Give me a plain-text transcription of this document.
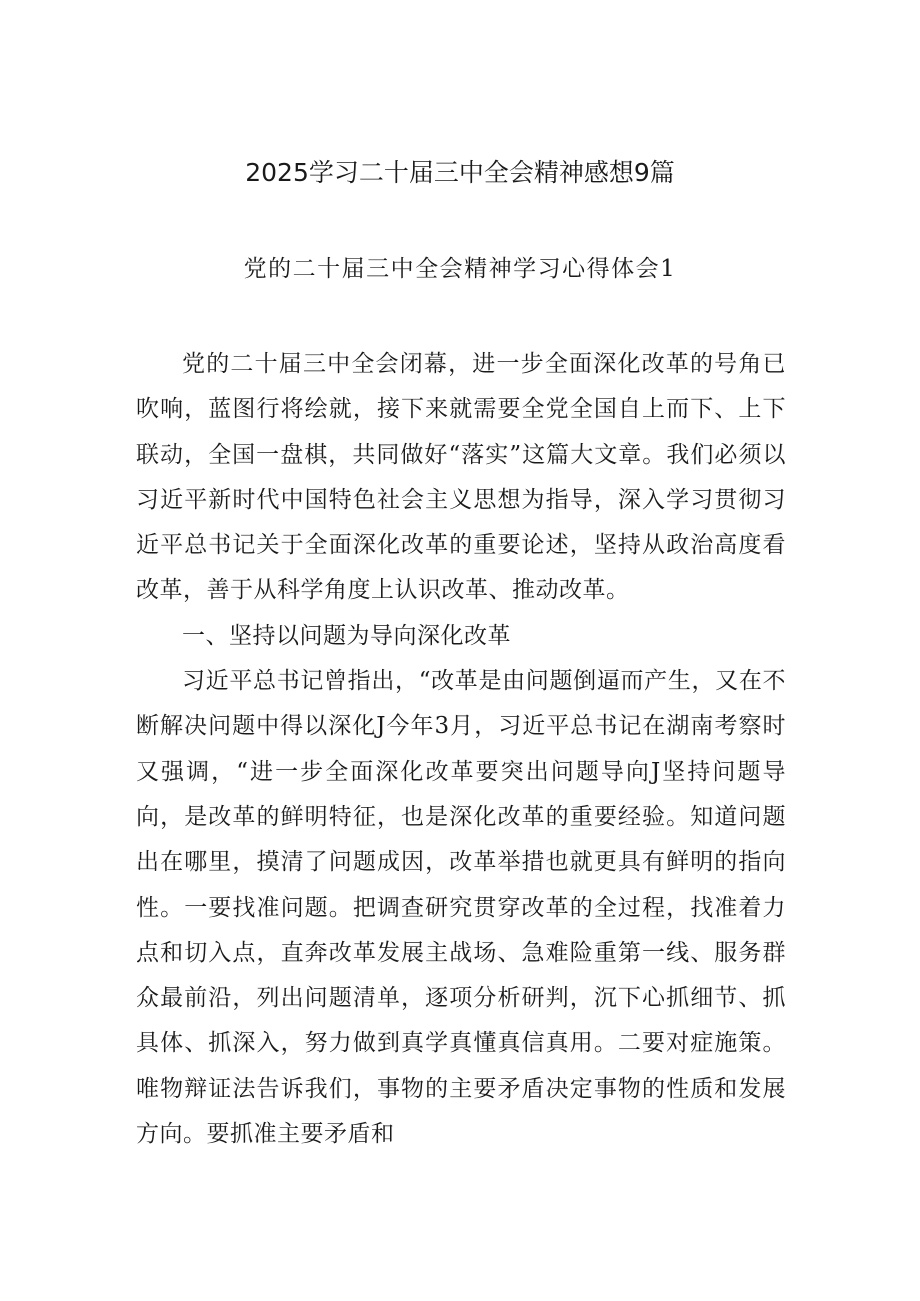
2025学习二十届三中全会精神感想9篇
党的二十届三中全会精神学习心得体会1

党的二十届三中全会闭幕，进一步全面深化改革的号角已吹响，蓝图行将绘就，接下来就需要全党全国自上而下、上下联动，全国一盘棋，共同做好“落实”这篇大文章。我们必须以习近平新时代中国特色社会主义思想为指导，深入学习贯彻习近平总书记关于全面深化改革的重要论述，坚持从政治高度看改革，善于从科学角度上认识改革、推动改革。

一、坚持以问题为导向深化改革

习近平总书记曾指出，“改革是由问题倒逼而产生，又在不断解决问题中得以深化J今年3月，习近平总书记在湖南考察时又强调，“进一步全面深化改革要突出问题导向J坚持问题导向，是改革的鲜明特征，也是深化改革的重要经验。知道问题出在哪里，摸清了问题成因，改革举措也就更具有鲜明的指向性。一要找准问题。把调查研究贯穿改革的全过程，找准着力点和切入点，直奔改革发展主战场、急难险重第一线、服务群众最前沿，列出问题清单，逐项分析研判，沉下心抓细节、抓具体、抓深入，努力做到真学真懂真信真用。二要对症施策。唯物辩证法告诉我们，事物的主要矛盾决定事物的性质和发展方向。要抓准主要矛盾和
